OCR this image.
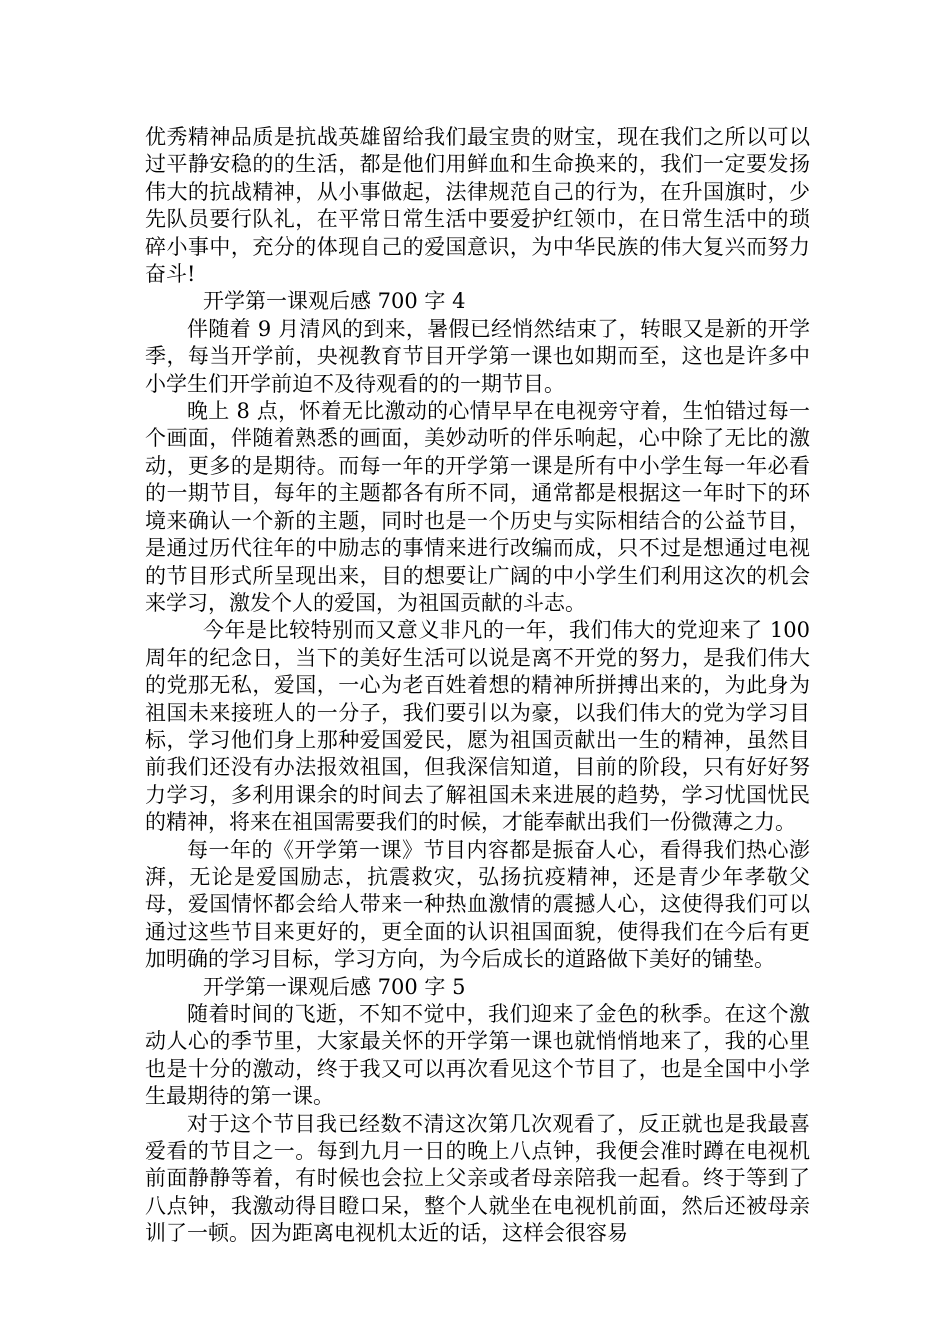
优秀精神品质是抗战英雄留给我们最宝贵的财宝，现在我们之所以可以过平静安稳的的生活，都是他们用鲜血和生命换来的，我们一定要发扬伟大的抗战精神，从小事做起，法律规范自己的行为，在升国旗时，少先队员要行队礼，在平常日常生活中要爱护红领巾，在日常生活中的琐碎小事中，充分的体现自己的爱国意识，为中华民族的伟大复兴而努力奋斗!

开学第一课观后感 700 字 4

伴随着 9 月清风的到来，暑假已经悄然结束了，转眼又是新的开学季，每当开学前，央视教育节目开学第一课也如期而至，这也是许多中小学生们开学前迫不及待观看的的一期节目。

晚上 8 点，怀着无比激动的心情早早在电视旁守着，生怕错过每一个画面，伴随着熟悉的画面，美妙动听的伴乐响起，心中除了无比的激动，更多的是期待。而每一年的开学第一课是所有中小学生每一年必看的一期节目，每年的主题都各有所不同，通常都是根据这一年时下的环境来确认一个新的主题，同时也是一个历史与实际相结合的公益节目，是通过历代往年的中励志的事情来进行改编而成，只不过是想通过电视的节目形式所呈现出来，目的想要让广阔的中小学生们利用这次的机会来学习，激发个人的爱国，为祖国贡献的斗志。

今年是比较特别而又意义非凡的一年，我们伟大的党迎来了 100 周年的纪念日，当下的美好生活可以说是离不开党的努力，是我们伟大的党那无私，爱国，一心为老百姓着想的精神所拼搏出来的，为此身为祖国未来接班人的一分子，我们要引以为豪，以我们伟大的党为学习目标，学习他们身上那种爱国爱民，愿为祖国贡献出一生的精神，虽然目前我们还没有办法报效祖国，但我深信知道，目前的阶段，只有好好努力学习，多利用课余的时间去了解祖国未来进展的趋势，学习忧国忧民的精神，将来在祖国需要我们的时候，才能奉献出我们一份微薄之力。

每一年的《开学第一课》节目内容都是振奋人心，看得我们热心澎湃，无论是爱国励志，抗震救灾，弘扬抗疫精神，还是青少年孝敬父母，爱国情怀都会给人带来一种热血激情的震撼人心，这使得我们可以通过这些节目来更好的，更全面的认识祖国面貌，使得我们在今后有更加明确的学习目标，学习方向，为今后成长的道路做下美好的铺垫。

开学第一课观后感 700 字 5

随着时间的飞逝，不知不觉中，我们迎来了金色的秋季。在这个激动人心的季节里，大家最关怀的开学第一课也就悄悄地来了，我的心里也是十分的激动，终于我又可以再次看见这个节目了，也是全国中小学生最期待的第一课。

对于这个节目我已经数不清这次第几次观看了，反正就也是我最喜爱看的节目之一。每到九月一日的晚上八点钟，我便会准时蹲在电视机前面静静等着，有时候也会拉上父亲或者母亲陪我一起看。终于等到了八点钟，我激动得目瞪口呆，整个人就坐在电视机前面，然后还被母亲训了一顿。因为距离电视机太近的话，这样会很容易
